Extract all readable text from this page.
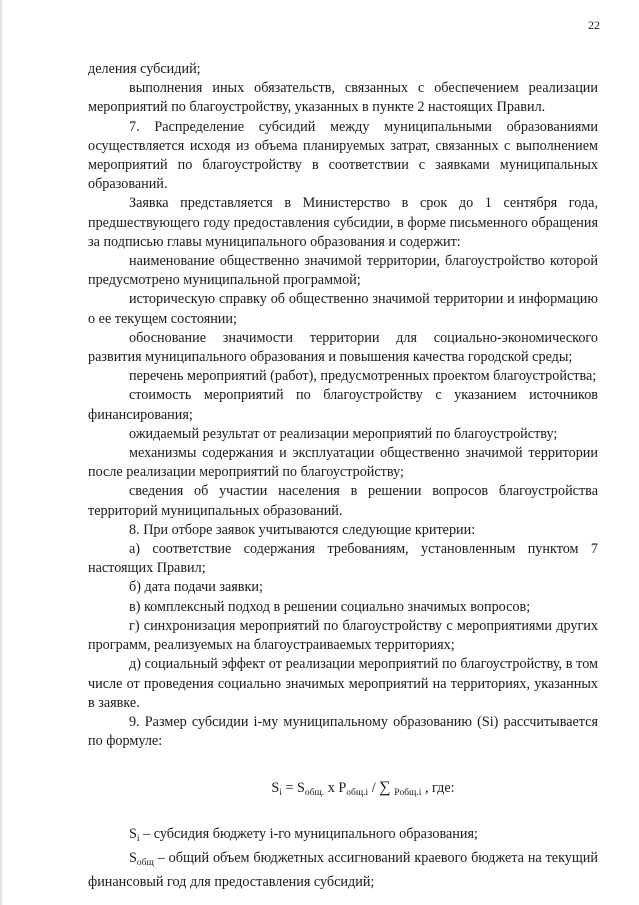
22

деления субсидий;

выполнения иных обязательств, связанных с обеспечением реализации мероприятий по благоустройству, указанных в пункте 2 настоящих Правил.

7. Распределение субсидий между муниципальными образованиями осуществляется исходя из объема планируемых затрат, связанных с выполнением мероприятий по благоустройству в соответствии с заявками муниципальных образований.

Заявка представляется в Министерство в срок до 1 сентября года, предшествующего году предоставления субсидии, в форме письменного обращения за подписью главы муниципального образования и содержит:

наименование общественно значимой территории, благоустройство которой предусмотрено муниципальной программой;

историческую справку об общественно значимой территории и информацию о ее текущем состоянии;

обоснование значимости территории для социально-экономического развития муниципального образования и повышения качества городской среды;

перечень мероприятий (работ), предусмотренных проектом благоустройства;

стоимость мероприятий по благоустройству с указанием источников финансирования;

ожидаемый результат от реализации мероприятий по благоустройству;

механизмы содержания и эксплуатации общественно значимой территории после реализации мероприятий по благоустройству;

сведения об участии населения в решении вопросов благоустройства территорий муниципальных образований.

8. При отборе заявок учитываются следующие критерии:

а) соответствие содержания требованиям, установленным пунктом 7 настоящих Правил;

б) дата подачи заявки;

в) комплексный подход в решении социально значимых вопросов;

г) синхронизация мероприятий по благоустройству с мероприятиями других программ, реализуемых на благоустраиваемых территориях;

д) социальный эффект от реализации мероприятий по благоустройству, в том числе от проведения социально значимых мероприятий на территориях, указанных в заявке.

9. Размер субсидии i-му муниципальному образованию (Si) рассчитывается по формуле:

$S_i = S_{общ.}$ x $P_{общ.i}$ / ∑ $_{Pобщ.i}$ , где:

$S_i$ – субсидия бюджету i-го муниципального образования;

$S_{общ}$ – общий объем бюджетных ассигнований краевого бюджета на текущий финансовый год для предоставления субсидий;
